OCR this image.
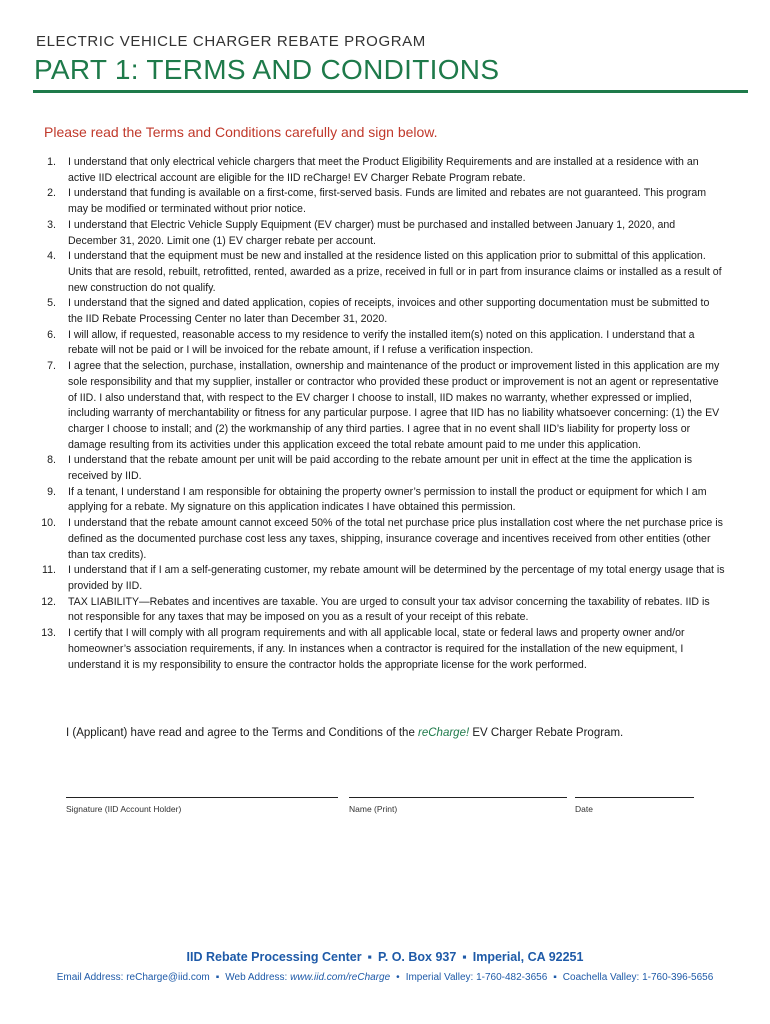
ELECTRIC VEHICLE CHARGER REBATE PROGRAM
PART 1: TERMS AND CONDITIONS
Please read the Terms and Conditions carefully and sign below.
1.	I understand that only electrical vehicle chargers that meet the Product Eligibility Requirements and are installed at a residence with an active IID electrical account are eligible for the IID reCharge! EV Charger Rebate Program rebate.
2.	I understand that funding is available on a first-come, first-served basis. Funds are limited and rebates are not guaranteed. This program may be modified or terminated without prior notice.
3.	I understand that Electric Vehicle Supply Equipment (EV charger) must be purchased and installed between January 1, 2020, and December 31, 2020. Limit one (1) EV charger rebate per account.
4.	I understand that the equipment must be new and installed at the residence listed on this application prior to submittal of this application. Units that are resold, rebuilt, retrofitted, rented, awarded as a prize, received in full or in part from insurance claims or installed as a result of new construction do not qualify.
5.	I understand that the signed and dated application, copies of receipts, invoices and other supporting documentation must be submitted to the IID Rebate Processing Center no later than December 31, 2020.
6.	I will allow, if requested, reasonable access to my residence to verify the installed item(s) noted on this application. I understand that a rebate will not be paid or I will be invoiced for the rebate amount, if I refuse a verification inspection.
7.	I agree that the selection, purchase, installation, ownership and maintenance of the product or improvement listed in this application are my sole responsibility and that my supplier, installer or contractor who provided these product or improvement is not an agent or representative of IID. I also understand that, with respect to the EV charger I choose to install, IID makes no warranty, whether expressed or implied, including warranty of merchantability or fitness for any particular purpose. I agree that IID has no liability whatsoever concerning: (1) the EV charger I choose to install; and (2) the workmanship of any third parties. I agree that in no event shall IID’s liability for property loss or damage resulting from its activities under this application exceed the total rebate amount paid to me under this application.
8.	I understand that the rebate amount per unit will be paid according to the rebate amount per unit in effect at the time the application is received by IID.
9.	If a tenant, I understand I am responsible for obtaining the property owner’s permission to install the product or equipment for which I am applying for a rebate. My signature on this application indicates I have obtained this permission.
10.	I understand that the rebate amount cannot exceed 50% of the total net purchase price plus installation cost where the net purchase price is defined as the documented purchase cost less any taxes, shipping, insurance coverage and incentives received from other entities (other than tax credits).
11.	I understand that if I am a self-generating customer, my rebate amount will be determined by the percentage of my total energy usage that is provided by IID.
12.	TAX LIABILITY—Rebates and incentives are taxable. You are urged to consult your tax advisor concerning the taxability of rebates. IID is not responsible for any taxes that may be imposed on you as a result of your receipt of this rebate.
13.	I certify that I will comply with all program requirements and with all applicable local, state or federal laws and property owner and/or homeowner’s association requirements, if any. In instances when a contractor is required for the installation of the new equipment, I understand it is my responsibility to ensure the contractor holds the appropriate license for the work performed.
I (Applicant) have read and agree to the Terms and Conditions of the reCharge! EV Charger Rebate Program.
Signature (IID Account Holder)	Name (Print)	Date
IID Rebate Processing Center ▪ P. O. Box 937 ▪ Imperial, CA 92251
Email Address: reCharge@iid.com ▪ Web Address: www.iid.com/reCharge • Imperial Valley: 1-760-482-3656 ▪ Coachella Valley: 1-760-396-5656
